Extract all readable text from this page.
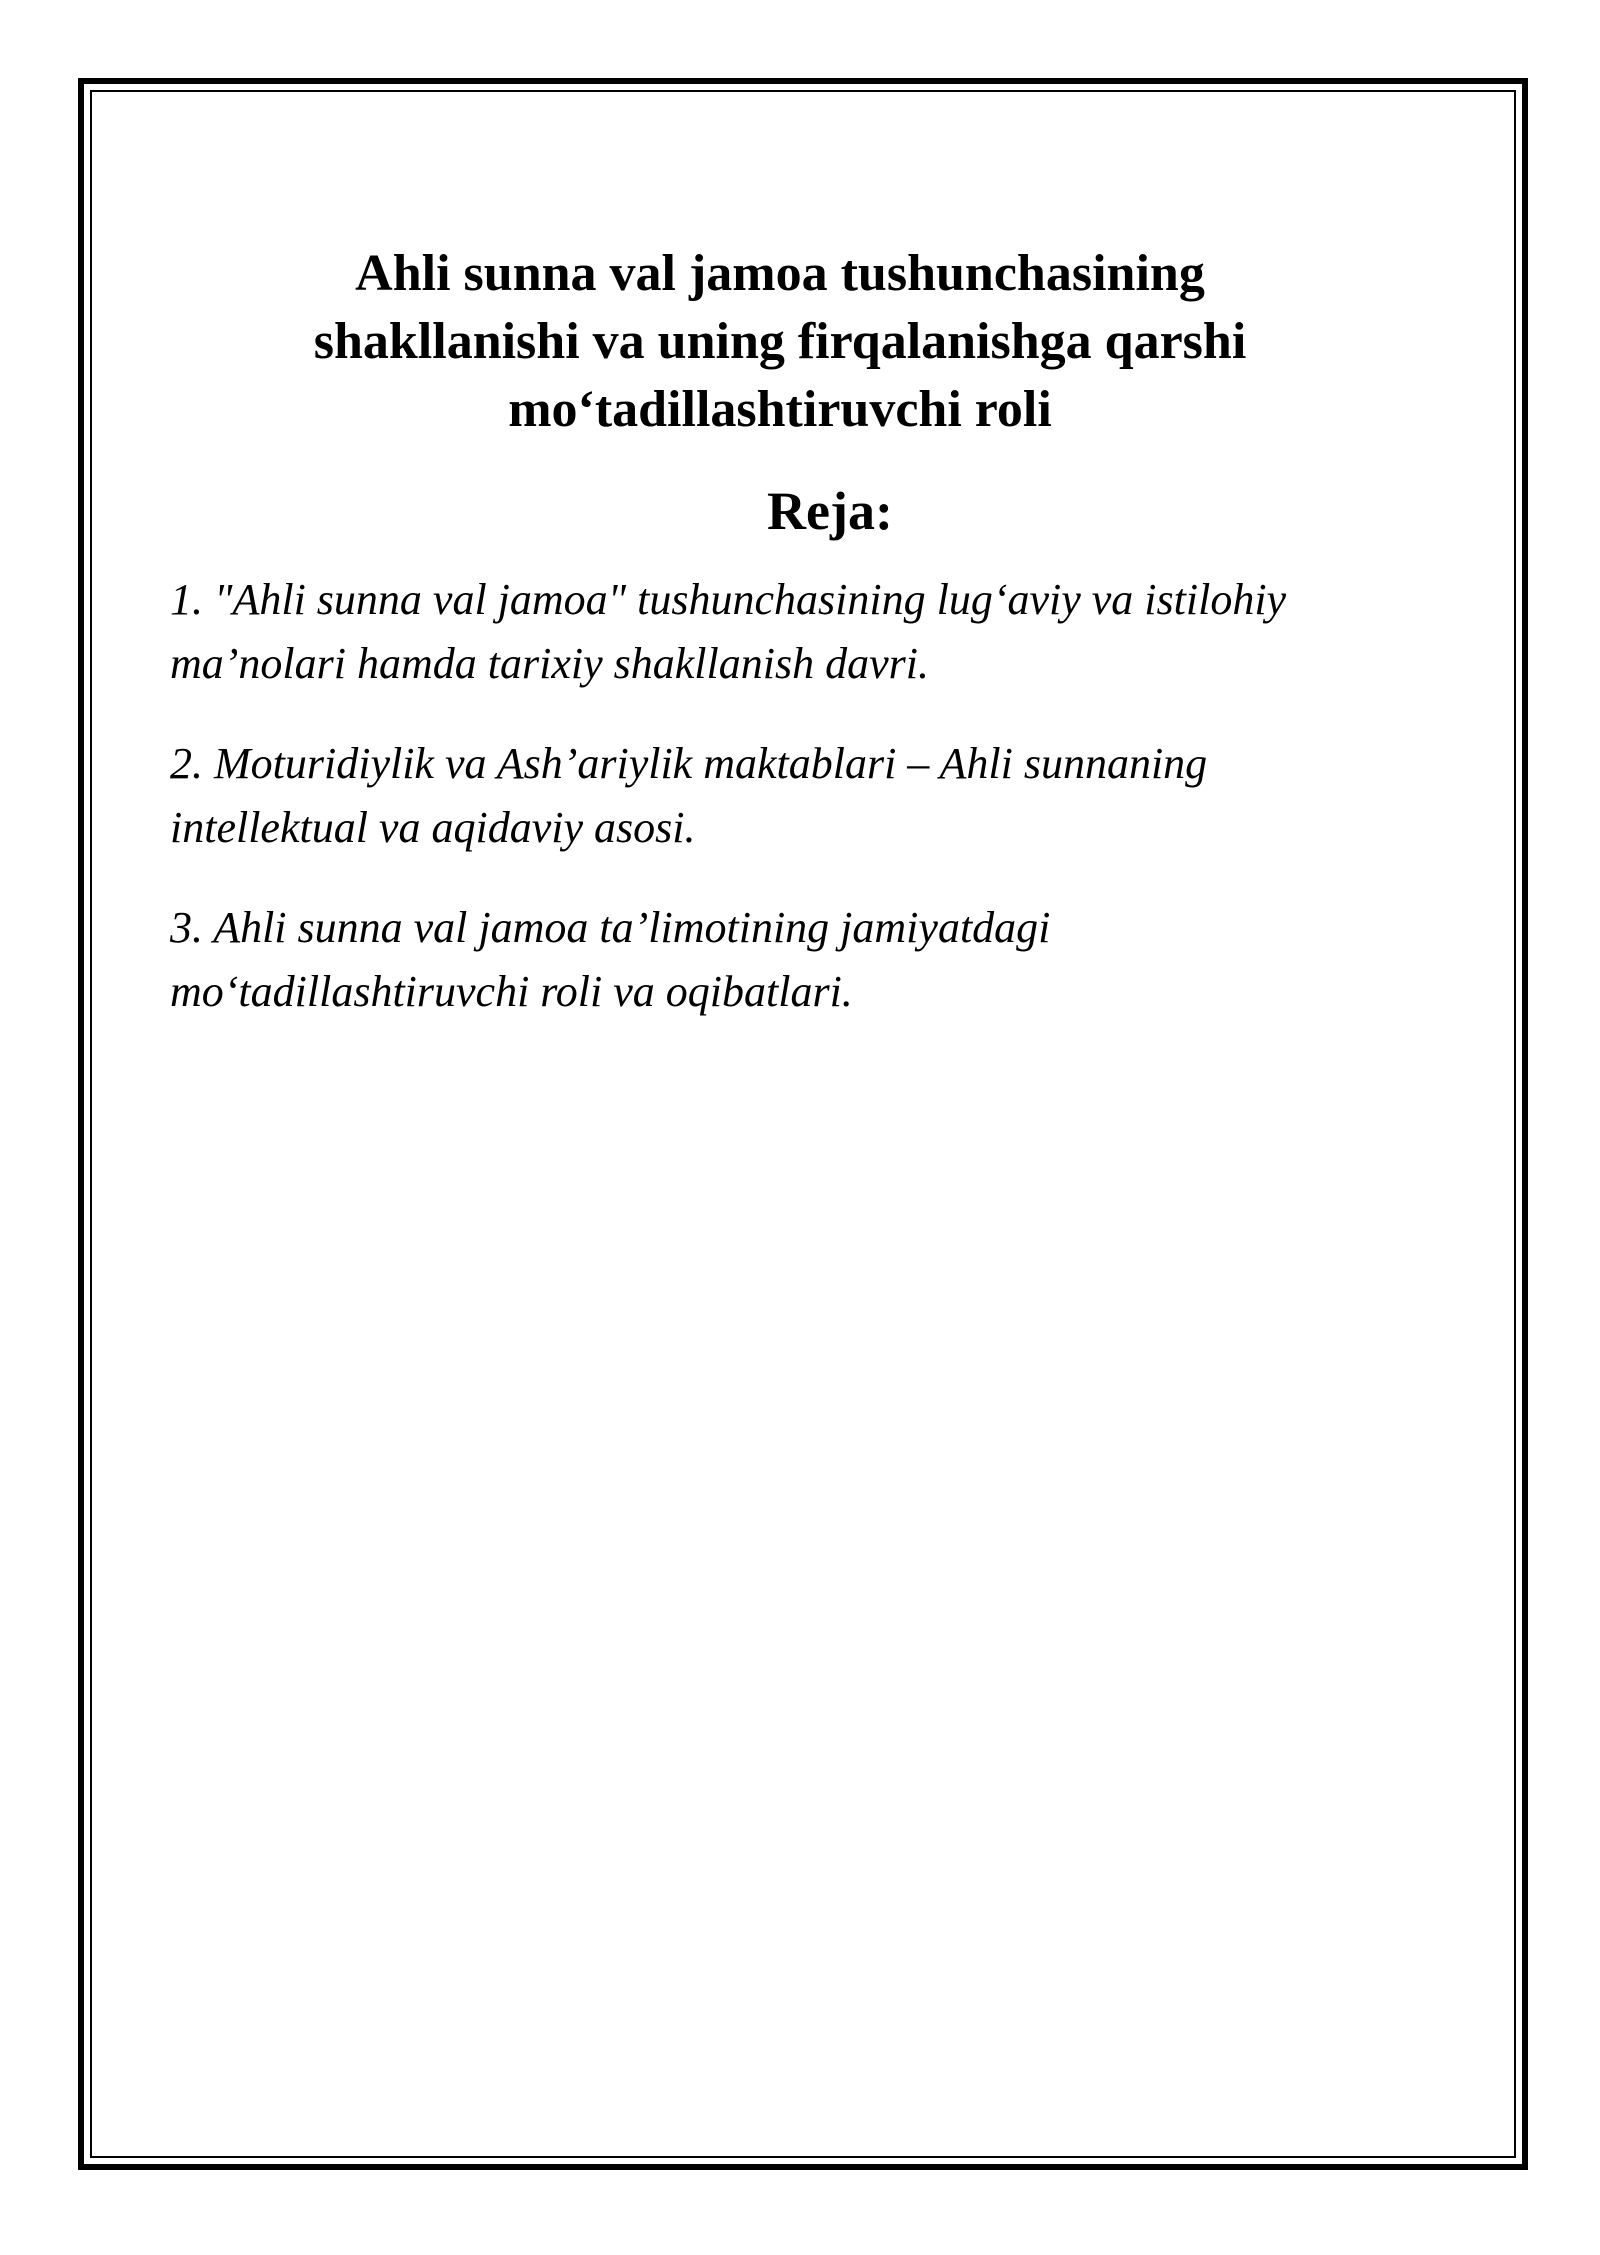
Ahli sunna val jamoa tushunchasining
shakllanishi va uning firqalanishga qarshi
mo‘tadillashtiruvchi roli
Reja:
1. "Ahli sunna val jamoa" tushunchasining lug‘aviy va istilohiy
ma’nolari hamda tarixiy shakllanish davri.
2. Moturidiylik va Ash’ariylik maktablari – Ahli sunnaning
intellektual va aqidaviy asosi.
3. Ahli sunna val jamoa ta’limotining jamiyatdagi
mo‘tadillashtiruvchi roli va oqibatlari.
